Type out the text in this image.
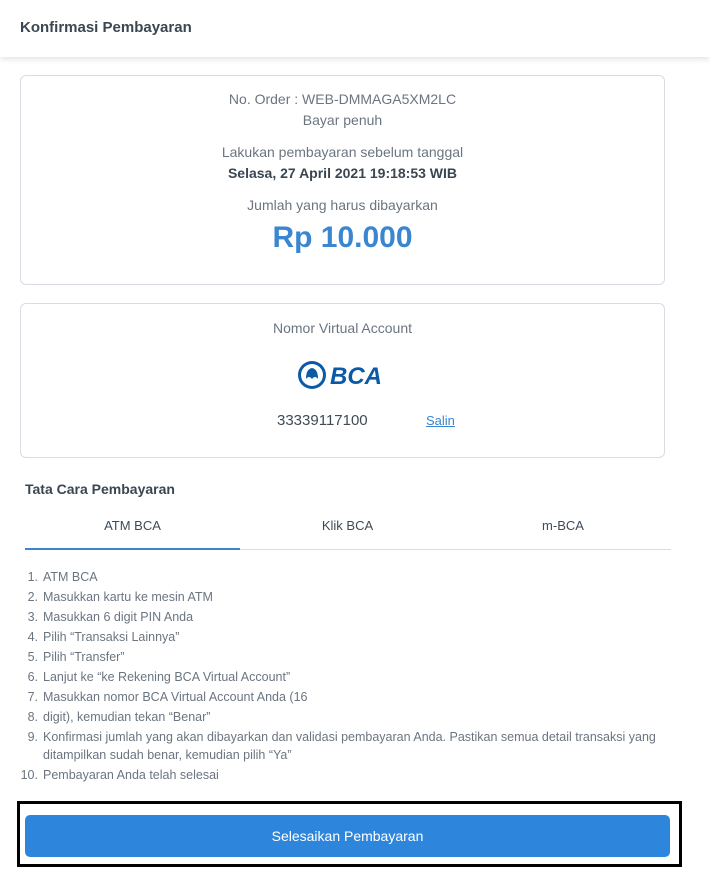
Konfirmasi Pembayaran
No. Order : WEB-DMMAGA5XM2LC
Bayar penuh
Lakukan pembayaran sebelum tanggal
Selasa, 27 April 2021 19:18:53 WIB
Jumlah yang harus dibayarkan
Rp 10.000
Nomor Virtual Account
BCA
33339117100	Salin
Tata Cara Pembayaran
ATM BCA	Klik BCA	m-BCA
1. ATM BCA
2. Masukkan kartu ke mesin ATM
3. Masukkan 6 digit PIN Anda
4. Pilih “Transaksi Lainnya”
5. Pilih “Transfer”
6. Lanjut ke “ke Rekening BCA Virtual Account”
7. Masukkan nomor BCA Virtual Account Anda (16
8. digit), kemudian tekan “Benar”
9. Konfirmasi jumlah yang akan dibayarkan dan validasi pembayaran Anda. Pastikan semua detail transaksi yang ditampilkan sudah benar, kemudian pilih “Ya”
10. Pembayaran Anda telah selesai
Selesaikan Pembayaran
